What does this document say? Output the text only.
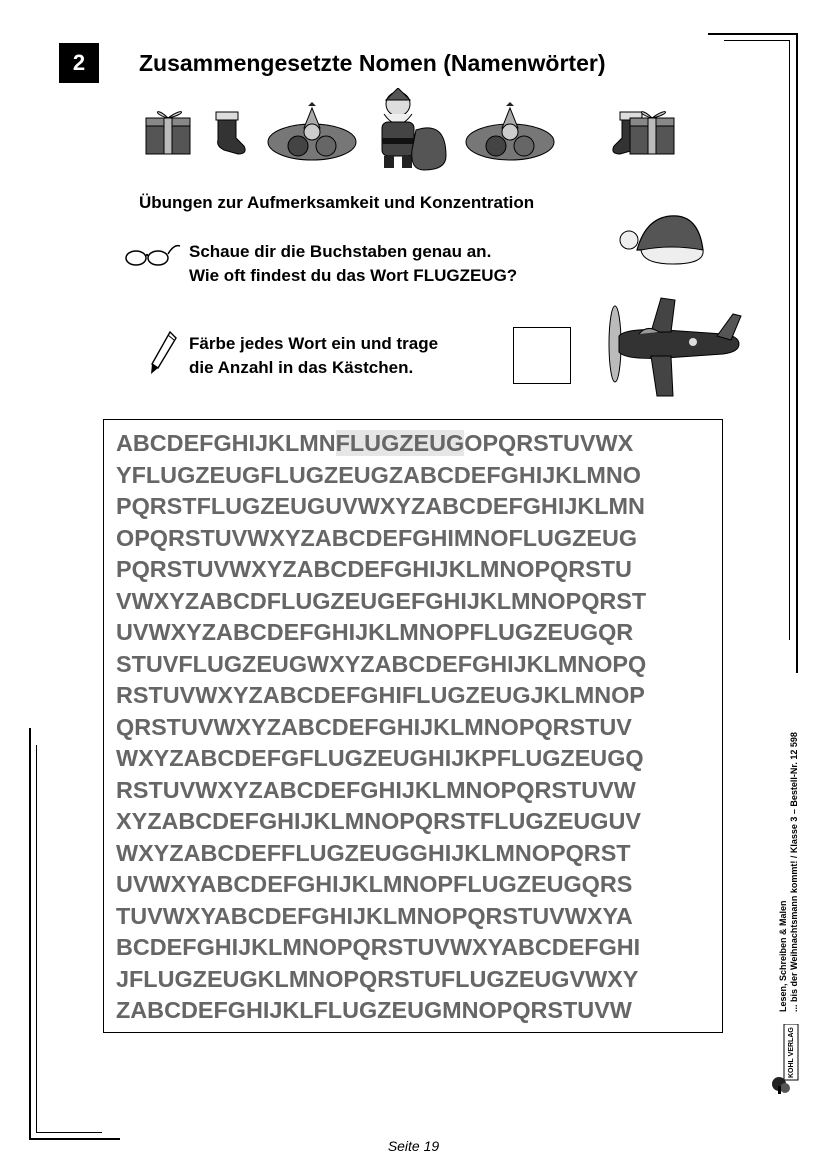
2	Zusammengesetzte Nomen (Namenwörter)
Übungen zur Aufmerksamkeit und Konzentration
Schaue dir die Buchstaben genau an.
Wie oft findest du das Wort FLUGZEUG?
Färbe jedes Wort ein und trage
die Anzahl in das Kästchen.
ABCDEFGHIJKLMNFLUGZEUGOPQRSTUVWX
YFLUGZEUGFLUGZEUGZABCDEFGHIJKLMNO
PQRSTFLUGZEUGUVWXYZABCDEFGHIJKLMN
OPQRSTUVWXYZABCDEFGHIMNOFLUGZEUG
PQRSTUVWXYZABCDEFGHIJKLMNOPQRSTU
VWXYZABCDFLUGZEUGEFGHIJKLMNOPQRST
UVWXYZABCDEFGHIJKLMNOPFLUGZEUGQR
STUVFLUGZEUGWXYZABCDEFGHIJKLMNOPQ
RSTUVWXYZABCDEFGHIFLUGZEUGJKLMNOP
QRSTUVWXYZABCDEFGHIJKLMNOPQRSTUV
WXYZABCDEFGFLUGZEUGHIJKPFLUGZEUGQ
RSTUVWXYZABCDEFGHIJKLMNOPQRSTUVW
XYZABCDEFGHIJKLMNOPQRSTFLUGZEUGUV
WXYZABCDEFFLUGZEUGGHIJKLMNOPQRST
UVWXYABCDEFGHIJKLMNOPFLUGZEUGQRS
TUVWXYABCDEFGHIJKLMNOPQRSTUVWXYA
BCDEFGHIJKLMNOPQRSTUVWXYABCDEFGHI
JFLUGZEUGKLMNOPQRSTUFLUGZEUGVWXY
ZABCDEFGHIJKLFLUGZEUGMNOPQRSTUVW	Lesen, Schreiben & Malen ... bis der Weihnachtsmann kommt! / Klasse 3 – Bestell-Nr. 12 598
KOHL VERLAG
Seite 19
